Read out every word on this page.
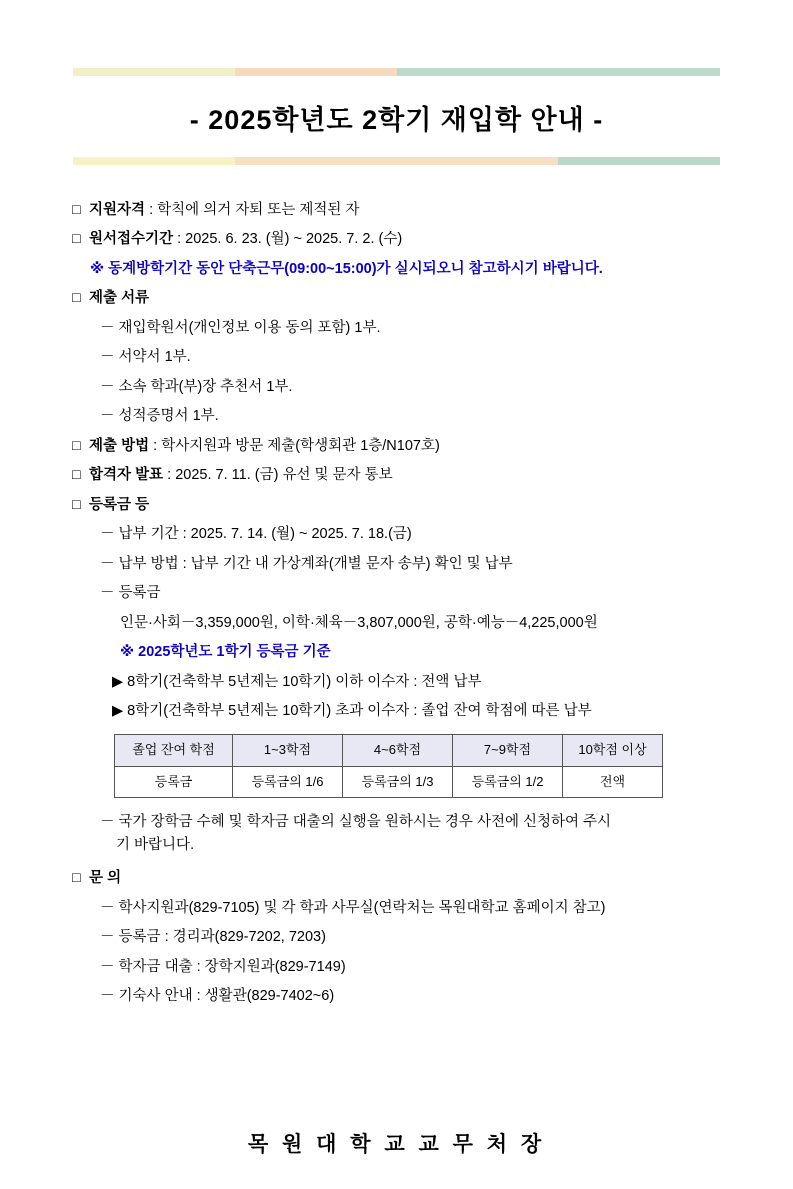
- 2025학년도 2학기 재입학 안내 -
□ 지원자격 : 학칙에 의거 자퇴 또는 제적된 자
□ 원서접수기간 : 2025. 6. 23. (월) ~ 2025. 7. 2. (수)
※ 동계방학기간 동안 단축근무(09:00~15:00)가 실시되오니 참고하시기 바랍니다.
□ 제출 서류
－ 재입학원서(개인정보 이용 동의 포함) 1부.
－ 서약서 1부.
－ 소속 학과(부)장 추천서 1부.
－ 성적증명서 1부.
□ 제출 방법 : 학사지원과 방문 제출(학생회관 1층/N107호)
□ 합격자 발표 : 2025. 7. 11. (금) 유선 및 문자 통보
□ 등록금 등
－ 납부 기간 : 2025. 7. 14. (월) ~ 2025. 7. 18.(금)
－ 납부 방법 : 납부 기간 내 가상계좌(개별 문자 송부) 확인 및 납부
－ 등록금
인문·사회－3,359,000원, 이학·체육－3,807,000원, 공학·예능－4,225,000원
※ 2025학년도 1학기 등록금 기준
▶ 8학기(건축학부 5년제는 10학기) 이하 이수자 : 전액 납부
▶ 8학기(건축학부 5년제는 10학기) 초과 이수자 : 졸업 잔여 학점에 따른 납부
졸업 잔여 학점	1~3학점	4~6학점	7~9학점	10학점 이상
등록금	등록금의 1/6	등록금의 1/3	등록금의 1/2	전액
－ 국가 장학금 수혜 및 학자금 대출의 실행을 원하시는 경우 사전에 신청하여 주시
기 바랍니다.
□ 문 의
－ 학사지원과(829-7105) 및 각 학과 사무실(연락처는 목원대학교 홈페이지 참고)
－ 등록금 : 경리과(829-7202, 7203)
－ 학자금 대출 : 장학지원과(829-7149)
－ 기숙사 안내 : 생활관(829-7402~6)
목 원 대 학 교 교 무 처 장
